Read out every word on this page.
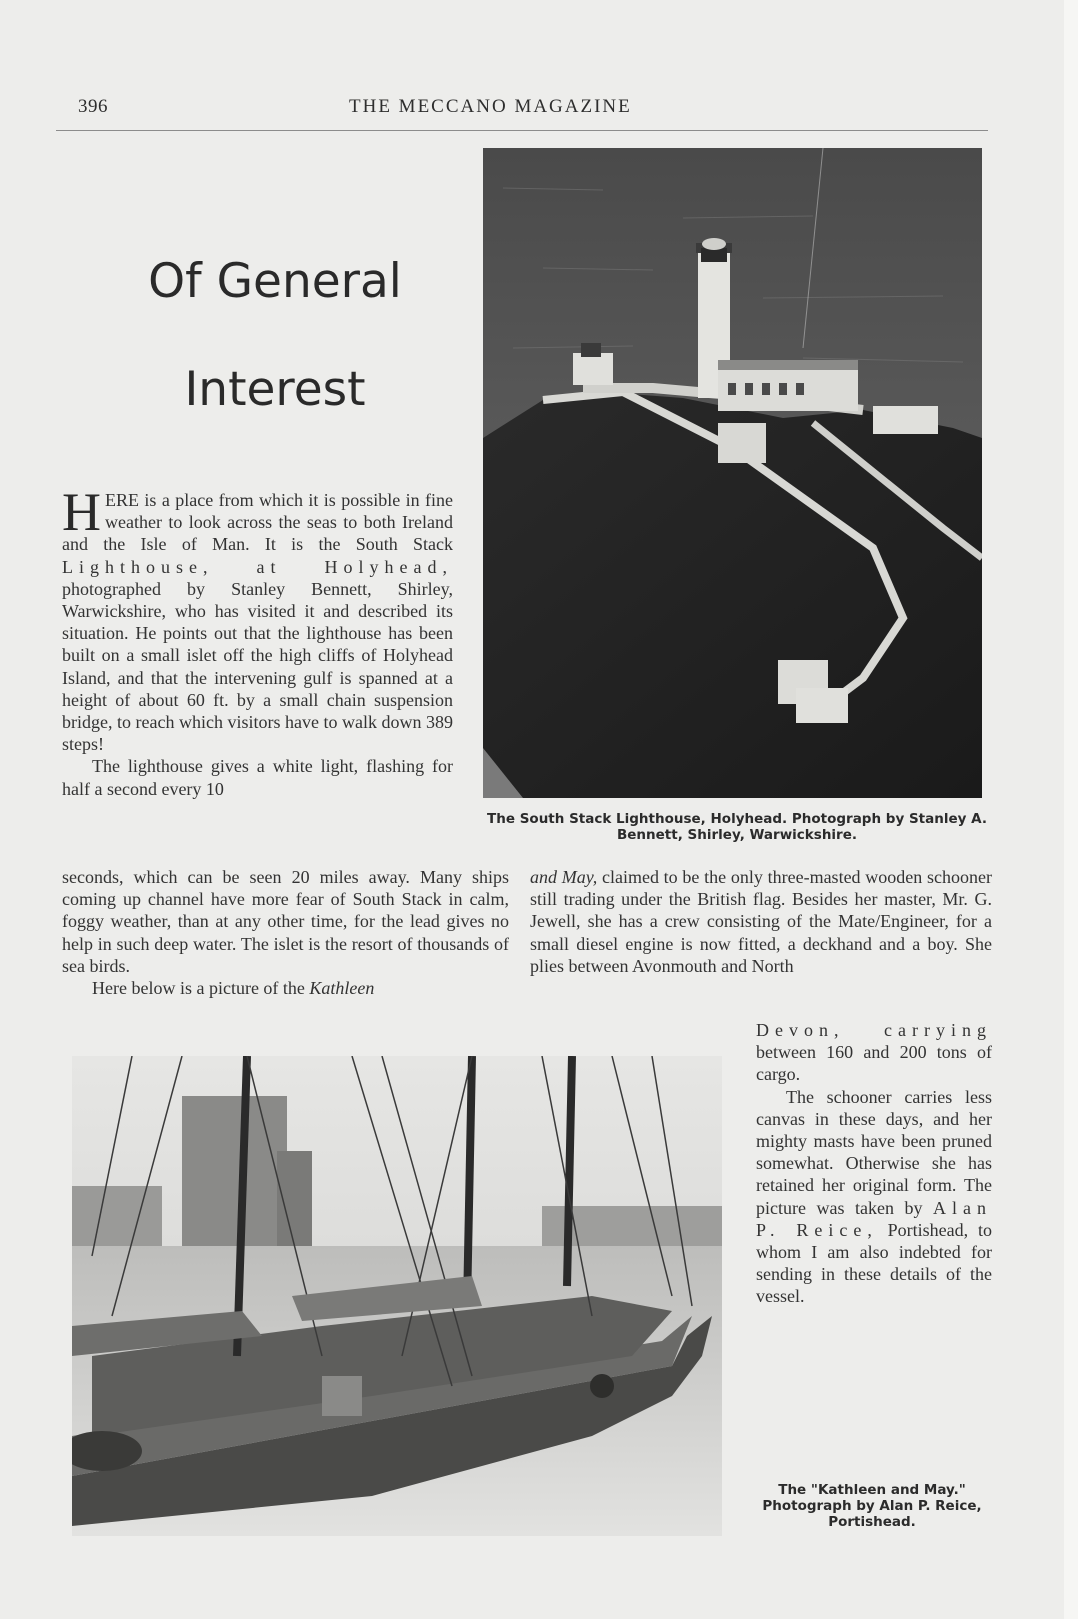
396	THE MECCANO MAGAZINE
Of General
Interest
The South Stack Lighthouse, Holyhead. Photograph by Stanley A. Bennett, Shirley, Warwickshire.

HERE is a place from which it is possible in fine weather to look across the seas to both Ireland and the Isle of Man. It is the South Stack Lighthouse, at Holyhead, photographed by Stanley Bennett, Shirley, Warwickshire, who has visited it and described its situation. He points out that the lighthouse has been built on a small islet off the high cliffs of Holyhead Island, and that the intervening gulf is spanned at a height of about 60 ft. by a small chain suspension bridge, to reach which visitors have to walk down 389 steps!

The lighthouse gives a white light, flashing for half a second every 10

seconds, which can be seen 20 miles away. Many ships coming up channel have more fear of South Stack in calm, foggy weather, than at any other time, for the lead gives no help in such deep water. The islet is the resort of thousands of sea birds.

Here below is a picture of the Kathleen

and May, claimed to be the only three-masted wooden schooner still trading under the British flag. Besides her master, Mr. G. Jewell, she has a crew consisting of the Mate/Engineer, for a small diesel engine is now fitted, a deckhand and a boy. She plies between Avonmouth and North

Devon, carrying between 160 and 200 tons of cargo.

The schooner carries less canvas in these days, and her mighty masts have been pruned somewhat. Otherwise she has retained her original form. The picture was taken by Alan P. Reice, Portishead, to whom I am also indebted for sending in these details of the vessel.

The "Kathleen and May."
Photograph by Alan P. Reice,
Portishead.
